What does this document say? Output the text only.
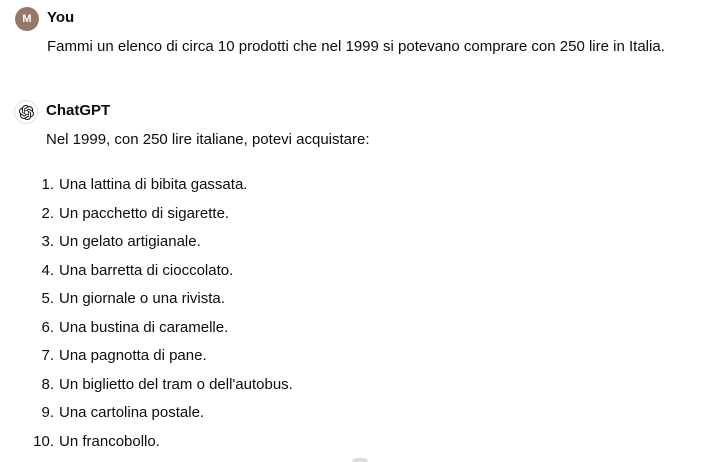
M	You
Fammi un elenco di circa 10 prodotti che nel 1999 si potevano comprare con 250 lire in Italia.
ChatGPT
Nel 1999, con 250 lire italiane, potevi acquistare:
1. Una lattina di bibita gassata.
2. Un pacchetto di sigarette.
3. Un gelato artigianale.
4. Una barretta di cioccolato.
5. Un giornale o una rivista.
6. Una bustina di caramelle.
7. Una pagnotta di pane.
8. Un biglietto del tram o dell'autobus.
9. Una cartolina postale.
10. Un francobollo.
